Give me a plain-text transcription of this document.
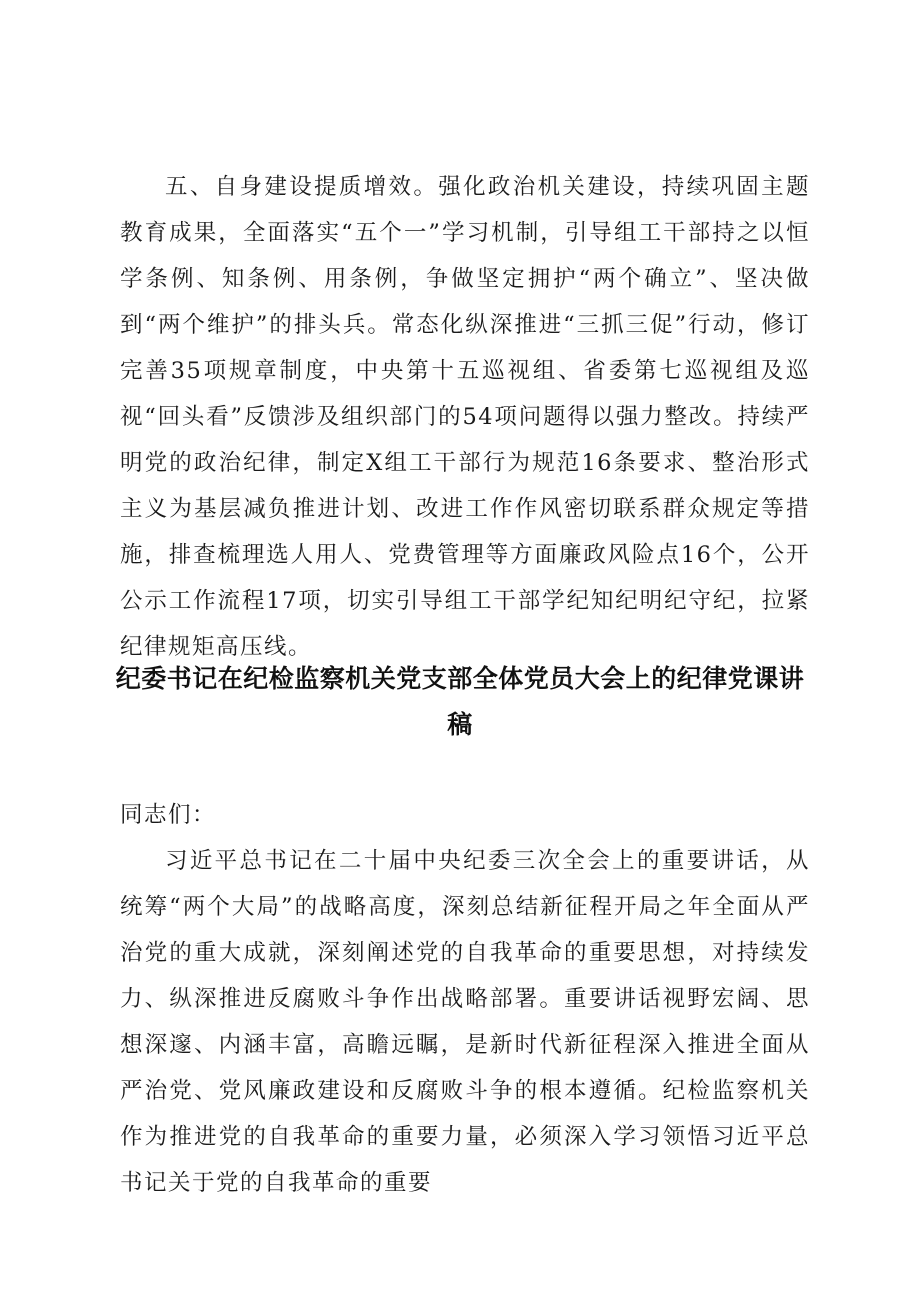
五、自身建设提质增效。强化政治机关建设，持续巩固主题教育成果，全面落实“五个一”学习机制，引导组工干部持之以恒学条例、知条例、用条例，争做坚定拥护“两个确立”、坚决做到“两个维护”的排头兵。常态化纵深推进“三抓三促”行动，修订完善35项规章制度，中央第十五巡视组、省委第七巡视组及巡视“回头看”反馈涉及组织部门的54项问题得以强力整改。持续严明党的政治纪律，制定X组工干部行为规范16条要求、整治形式主义为基层减负推进计划、改进工作作风密切联系群众规定等措施，排查梳理选人用人、党费管理等方面廉政风险点16个，公开公示工作流程17项，切实引导组工干部学纪知纪明纪守纪，拉紧纪律规矩高压线。

纪委书记在纪检监察机关党支部全体党员大会上的纪律党课讲稿

同志们：

习近平总书记在二十届中央纪委三次全会上的重要讲话，从统筹“两个大局”的战略高度，深刻总结新征程开局之年全面从严治党的重大成就，深刻阐述党的自我革命的重要思想，对持续发力、纵深推进反腐败斗争作出战略部署。重要讲话视野宏阔、思想深邃、内涵丰富，高瞻远瞩，是新时代新征程深入推进全面从严治党、党风廉政建设和反腐败斗争的根本遵循。纪检监察机关作为推进党的自我革命的重要力量，必须深入学习领悟习近平总书记关于党的自我革命的重要
